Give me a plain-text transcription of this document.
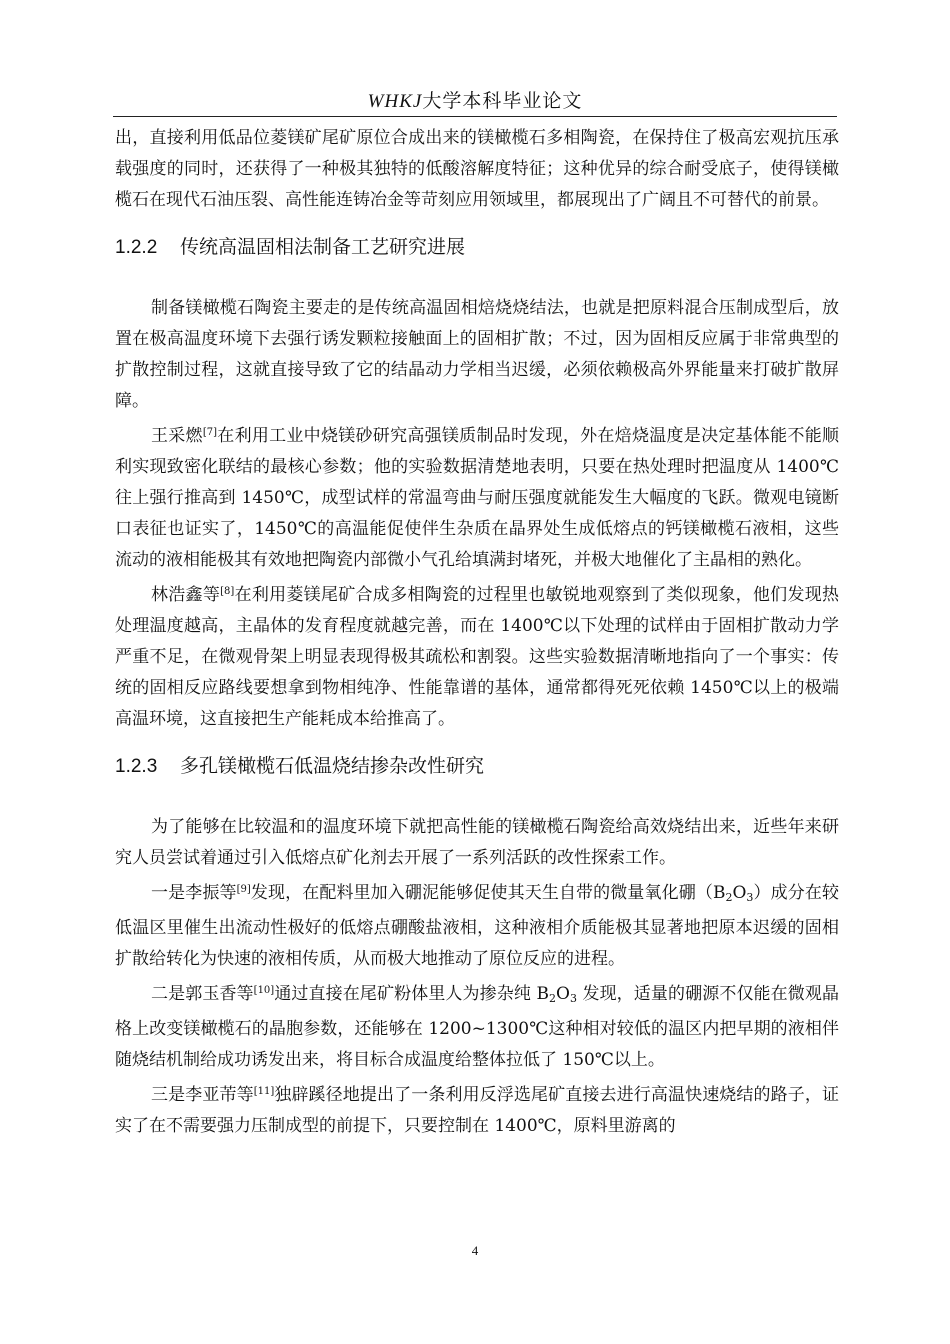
WHKJ大学本科毕业论文

出，直接利用低品位菱镁矿尾矿原位合成出来的镁橄榄石多相陶瓷，在保持住了极高宏观抗压承载强度的同时，还获得了一种极其独特的低酸溶解度特征；这种优异的综合耐受底子，使得镁橄榄石在现代石油压裂、高性能连铸冶金等苛刻应用领域里，都展现出了广阔且不可替代的前景。

1.2.2 传统高温固相法制备工艺研究进展

制备镁橄榄石陶瓷主要走的是传统高温固相焙烧烧结法，也就是把原料混合压制成型后，放置在极高温度环境下去强行诱发颗粒接触面上的固相扩散；不过，因为固相反应属于非常典型的扩散控制过程，这就直接导致了它的结晶动力学相当迟缓，必须依赖极高外界能量来打破扩散屏障。

王采燃[7]在利用工业中烧镁砂研究高强镁质制品时发现，外在焙烧温度是决定基体能不能顺利实现致密化联结的最核心参数；他的实验数据清楚地表明，只要在热处理时把温度从 1400℃往上强行推高到 1450℃，成型试样的常温弯曲与耐压强度就能发生大幅度的飞跃。微观电镜断口表征也证实了，1450℃的高温能促使伴生杂质在晶界处生成低熔点的钙镁橄榄石液相，这些流动的液相能极其有效地把陶瓷内部微小气孔给填满封堵死，并极大地催化了主晶相的熟化。

林浩鑫等[8]在利用菱镁尾矿合成多相陶瓷的过程里也敏锐地观察到了类似现象，他们发现热处理温度越高，主晶体的发育程度就越完善，而在 1400℃以下处理的试样由于固相扩散动力学严重不足，在微观骨架上明显表现得极其疏松和割裂。这些实验数据清晰地指向了一个事实：传统的固相反应路线要想拿到物相纯净、性能靠谱的基体，通常都得死死依赖 1450℃以上的极端高温环境，这直接把生产能耗成本给推高了。

1.2.3 多孔镁橄榄石低温烧结掺杂改性研究

为了能够在比较温和的温度环境下就把高性能的镁橄榄石陶瓷给高效烧结出来，近些年来研究人员尝试着通过引入低熔点矿化剂去开展了一系列活跃的改性探索工作。

一是李振等[9]发现，在配料里加入硼泥能够促使其天生自带的微量氧化硼$(B_2O_3)$成分在较低温区里催生出流动性极好的低熔点硼酸盐液相，这种液相介质能极其显著地把原本迟缓的固相扩散给转化为快速的液相传质，从而极大地推动了原位反应的进程。

二是郭玉香等[10]通过直接在尾矿粉体里人为掺杂纯 $B_2O_3$ 发现，适量的硼源不仅能在微观晶格上改变镁橄榄石的晶胞参数，还能够在 1200~1300℃这种相对较低的温区内把早期的液相伴随烧结机制给成功诱发出来，将目标合成温度给整体拉低了 150℃以上。

三是李亚芾等[11]独辟蹊径地提出了一条利用反浮选尾矿直接去进行高温快速烧结的路子，证实了在不需要强力压制成型的前提下，只要控制在 1400℃，原料里游离的

4
